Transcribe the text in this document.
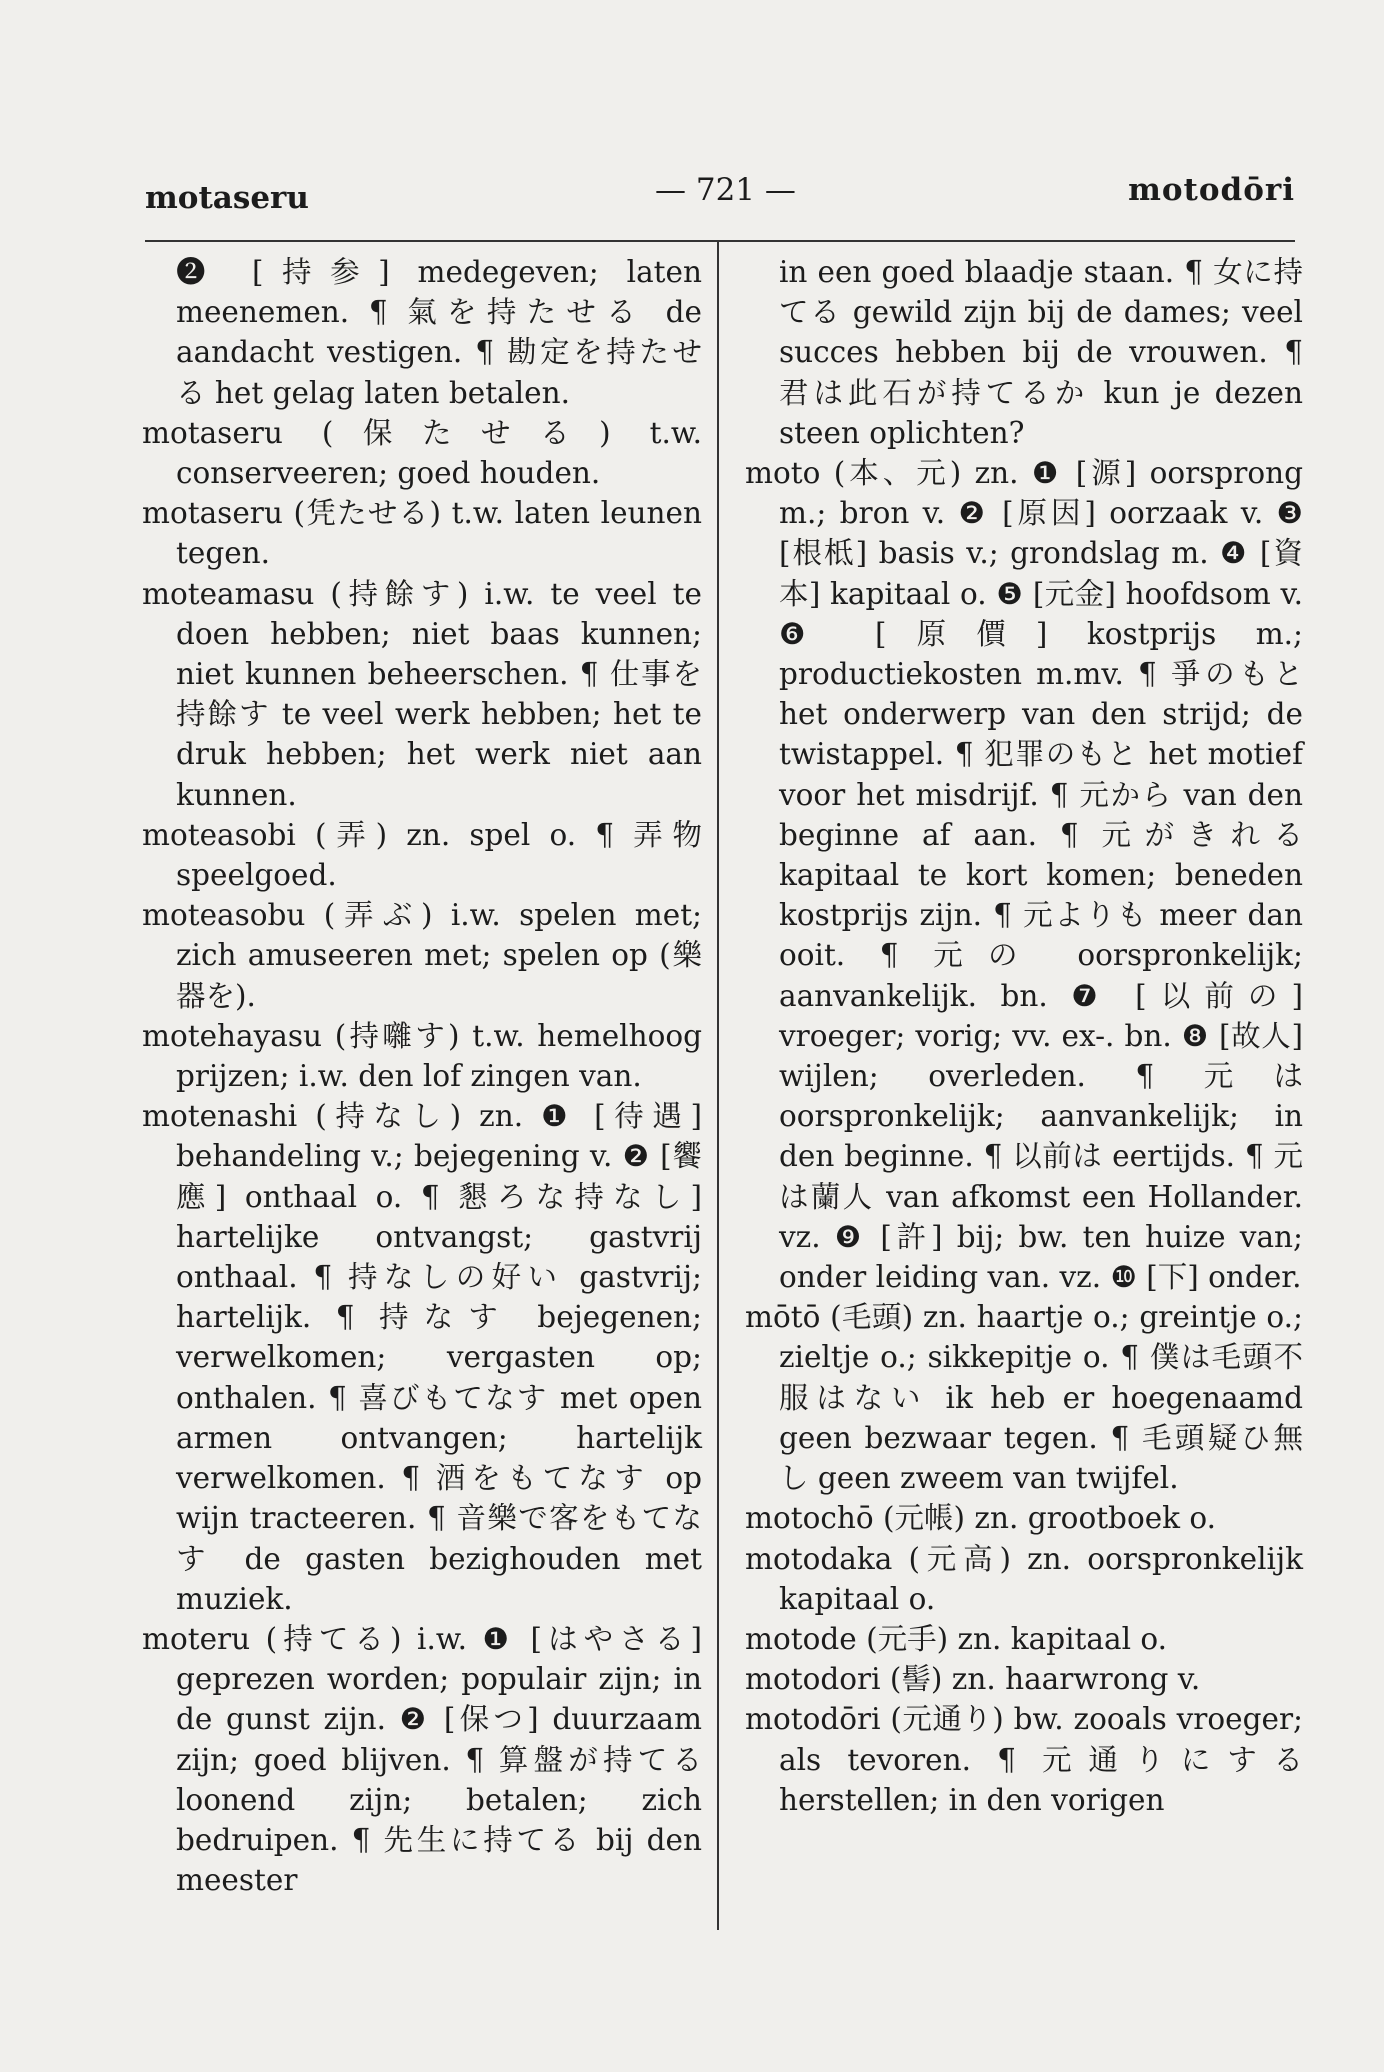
motaseru	— 721 —	motodōri

❷ [持参] medegeven; laten meenemen. ¶ 氣を持たせる de aandacht vestigen. ¶ 勘定を持たせる het gelag laten betalen.

motaseru (保たせる) t.w. conserveeren; goed houden.

motaseru (凭たせる) t.w. laten leunen tegen.

moteamasu (持餘す) i.w. te veel te doen hebben; niet baas kunnen; niet kunnen beheerschen. ¶ 仕事を持餘す te veel werk hebben; het te druk hebben; het werk niet aan kunnen.

moteasobi (弄) zn. spel o. ¶ 弄物 speelgoed.

moteasobu (弄ぶ) i.w. spelen met; zich amuseeren met; spelen op (樂器を).

motehayasu (持囃す) t.w. hemelhoog prijzen; i.w. den lof zingen van.

motenashi (持なし) zn. ❶ [待遇] behandeling v.; bejegening v. ❷ [饗應] onthaal o. ¶ 懇ろな持なし] hartelijke ontvangst; gastvrij onthaal. ¶ 持なしの好い gastvrij; hartelijk. ¶ 持なす bejegenen; verwelkomen; vergasten op; onthalen. ¶ 喜びもてなす met open armen ontvangen; hartelijk verwelkomen. ¶ 酒をもてなす op wijn tracteeren. ¶ 音樂で客をもてなす de gasten bezighouden met muziek.

moteru (持てる) i.w. ❶ [はやさる] geprezen worden; populair zijn; in de gunst zijn. ❷ [保つ] duurzaam zijn; goed blijven. ¶ 算盤が持てる loonend zijn; betalen; zich bedruipen. ¶ 先生に持てる bij den meester

in een goed blaadje staan. ¶ 女に持てる gewild zijn bij de dames; veel succes hebben bij de vrouwen. ¶ 君は此石が持てるか kun je dezen steen oplichten?

moto (本、元) zn. ❶ [源] oorsprong m.; bron v. ❷ [原因] oorzaak v. ❸ [根柢] basis v.; grondslag m. ❹ [資本] kapitaal o. ❺ [元金] hoofdsom v. ❻ [原價] kostprijs m.; productiekosten m.mv. ¶ 爭のもと het onderwerp van den strijd; de twistappel. ¶ 犯罪のもと het motief voor het misdrijf. ¶ 元から van den beginne af aan. ¶ 元がきれる kapitaal te kort komen; beneden kostprijs zijn. ¶ 元よりも meer dan ooit. ¶ 元の oorspronkelijk; aanvankelijk. bn. ❼ [以前の] vroeger; vorig; vv. ex-. bn. ❽ [故人] wijlen; overleden. ¶ 元は oorspronkelijk; aanvankelijk; in den beginne. ¶ 以前は eertijds. ¶ 元は蘭人 van afkomst een Hollander. vz. ❾ [許] bij; bw. ten huize van; onder leiding van. vz. ❿ [下] onder.

mōtō (毛頭) zn. haartje o.; greintje o.; zieltje o.; sikkepitje o. ¶ 僕は毛頭不服はない ik heb er hoegenaamd geen bezwaar tegen. ¶ 毛頭疑ひ無し geen zweem van twijfel.

motochō (元帳) zn. grootboek o.

motodaka (元高) zn. oorspronkelijk kapitaal o.

motode (元手) zn. kapitaal o.

motodori (髻) zn. haarwrong v.

motodōri (元通り) bw. zooals vroeger; als tevoren. ¶ 元通りにする herstellen; in den vorigen
